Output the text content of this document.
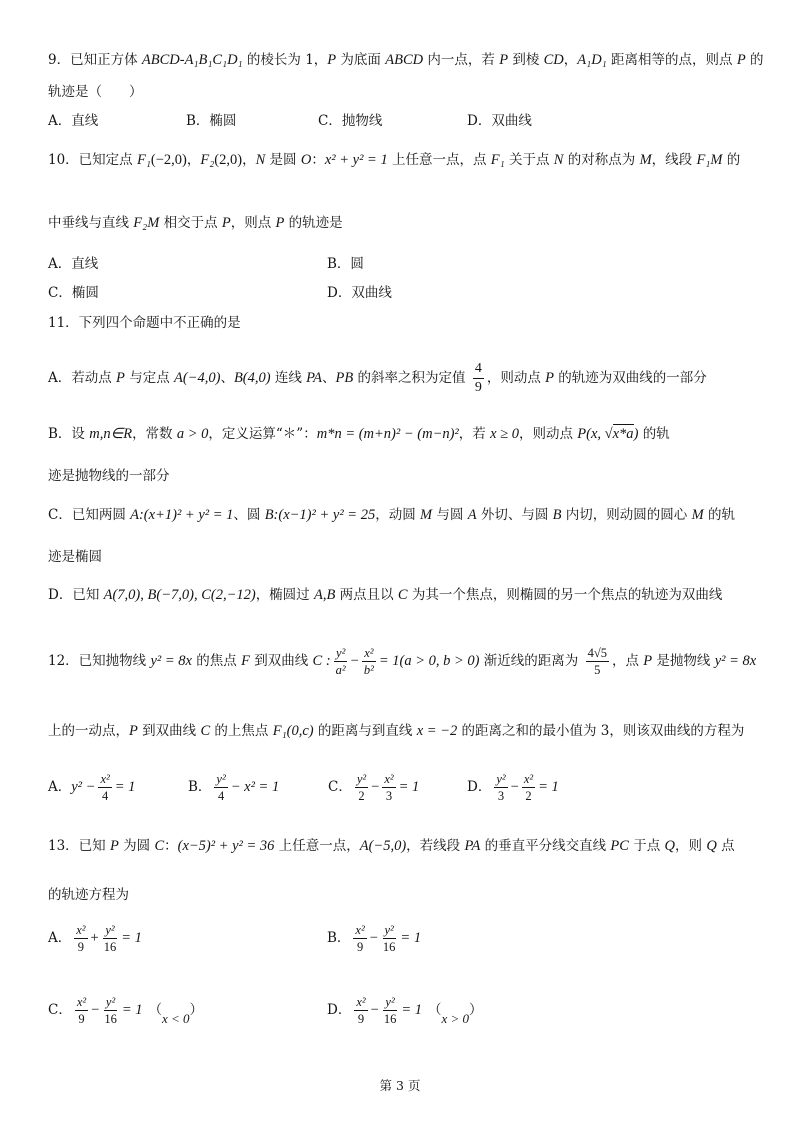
9．已知正方体 ABCD-A₁B₁C₁D₁ 的棱长为 1，P 为底面 ABCD 内一点，若 P 到棱 CD，A₁D₁ 距离相等的点，则点 P 的
轨迹是（　　）
A．直线	B．椭圆	C．抛物线	D．双曲线
10．已知定点 F₁(−2,0)，F₂(2,0)，N 是圆 O：x² + y² = 1 上任意一点，点 F₁ 关于点 N 的对称点为 M，线段 F₁M 的
中垂线与直线 F₂M 相交于点 P，则点 P 的轨迹是
A．直线	B．圆
C．椭圆	D．双曲线
11．下列四个命题中不正确的是
A．若动点 P 与定点 A(−4,0)、B(4,0) 连线 PA、PB 的斜率之积为定值 $\frac{4}{9}$ ，则动点 P 的轨迹为双曲线的一部分
B．设 m,n∈R，常数 a > 0，定义运算“＊”：m*n = (m+n)² − (m−n)²，若 x ≥ 0，则动点 P(x, √x*a) 的轨
迹是抛物线的一部分
C．已知两圆 A:(x+1)² + y² = 1、圆 B:(x−1)² + y² = 25，动圆 M 与圆 A 外切、与圆 B 内切，则动圆的圆心 M 的轨
迹是椭圆
D．已知 A(7,0), B(−7,0), C(2,−12)，椭圆过 A,B 两点且以 C 为其一个焦点，则椭圆的另一个焦点的轨迹为双曲线
12．已知抛物线 y² = 8x 的焦点 F 到双曲线 C : $\frac{\text{y²}}{\text{a²}} - \frac{\text{x²}}{\text{b²}} = 1(a > 0$, b > 0) 渐近线的距离为 $\frac{4√5}{5}$ ，点 P 是抛物线 y² = 8x
上的一动点，P 到双曲线 C 的上焦点 F₁(0,c) 的距离与到直线 x = −2 的距离之和的最小值为 3，则该双曲线的方程为
A．$y^2 - \frac{\text{x²}}{4} = 1$	B． $\frac{\text{y²}}{4} - x^2 = 1$	C． $\frac{\text{y²}}{2} - \frac{\text{x²}}{3} = 1$	D． $\frac{\text{y²}}{3} - \frac{\text{x²}}{2} = 1$
13．已知 P 为圆 C：(x−5)² + y² = 36 上任意一点，A(−5,0)，若线段 PA 的垂直平分线交直线 PC 于点 Q，则 Q 点
的轨迹方程为
A． $\frac{\text{x²}}{9} + \frac{\text{y²}}{16} = 1$	B． $\frac{\text{x²}}{9} - \frac{\text{y²}}{16} = 1$
C． $\frac{\text{x²}}{9} - \frac{\text{y²}}{16} = 1$ （x < 0）	D． $\frac{\text{x²}}{9} - \frac{\text{y²}}{16} = 1$ （x > 0）
第 3 页
